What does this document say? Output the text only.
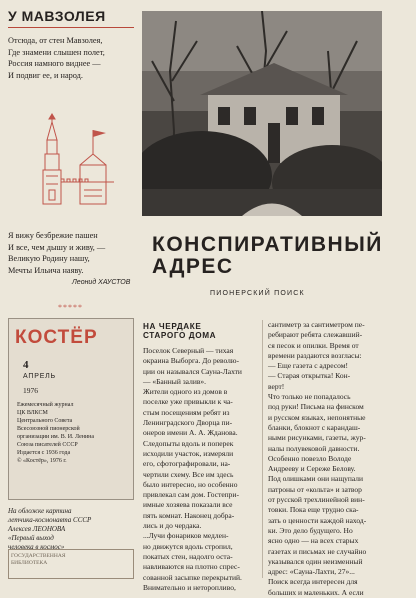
У МАВЗОЛЕЯ
Отсюда, от стен Мавзолея,
Где знамени слышен полет,
Россия намного виднее —
И подвиг ее, и народ.
Я вижу безбрежие пашен
И все, чем дышу и живу, —
Великую Родину нашу,
Мечты Ильича наяву.
Леонид ХАУСТОВ
*****
КОНСПИРАТИВНЫЙ
АДРЕС
ПИОНЕРСКИЙ ПОИСК
КОСТЁР
4
АПРЕЛЬ
1976
Ежемесячный журнал
ЦК ВЛКСМ
Центрального Совета
Всесоюзной пионерской
организации им. В. И. Ленина
Союза писателей СССР
Издается с 1936 года
© «Костёр», 1976 г.
На обложке картина
летчика-космонавта СССР
Алексея ЛЕОНОВА
«Первый выход
человека в космос»
ГОСУДАРСТВЕННАЯ
БИБЛИОТЕКА
НА ЧЕРДАКЕ
СТАРОГО ДОМА
Поселок Северный — тихая
окраина Выборга. До револю-
ции он назывался Сауна-Лахти
— «Банный залив».
Жители одного из домов в
поселке уже привыкли к ча-
стым посещениям ребят из
Ленинградского Дворца пи-
онеров имени А. А. Жданова.
Следопыты вдоль и поперек
исходили участок, измеряли
его, сфотографировали, на-
чертили схему. Все им здесь
было интересно, но особенно
привлекал сам дом. Гостепри-
имные хозяева показали все
пять комнат. Наконец добра-
лись и до чердака.
...Лучи фонариков медлен-
но движутся вдоль стропил,
покатых стен, надолго оста-
навливаются на плотно спрес-
сованной засыпке перекрытий.
Внимательно и неторопливо,
сантиметр за сантиметром пе-
ребирают ребята слежавший-
ся песок и опилки. Время от
времени раздаются возгласы:
— Еще газета с адресом!
— Старая открытка! Кон-
верт!
Что только не попадалось
под руки! Письма на финском
и русском языках, непонятные
бланки, блокнот с карандаш-
ными рисунками, газеты, жур-
налы полувековой давности.
Особенно повезло Володе
Андрееву и Сереже Белову.
Под олишками они нащупали
патроны от «кольта» и затвор
от русской трехлинейной вин-
товки. Пока еще трудно ска-
зать о ценности каждой наход-
ки. Это дело будущего. Но
ясно одно — на всех старых
газетах и письмах не случайно
указывался один неизменный
адрес: «Сауна-Лахти, 27»...
Поиск всегда интересен для
больших и маленьких. А если
